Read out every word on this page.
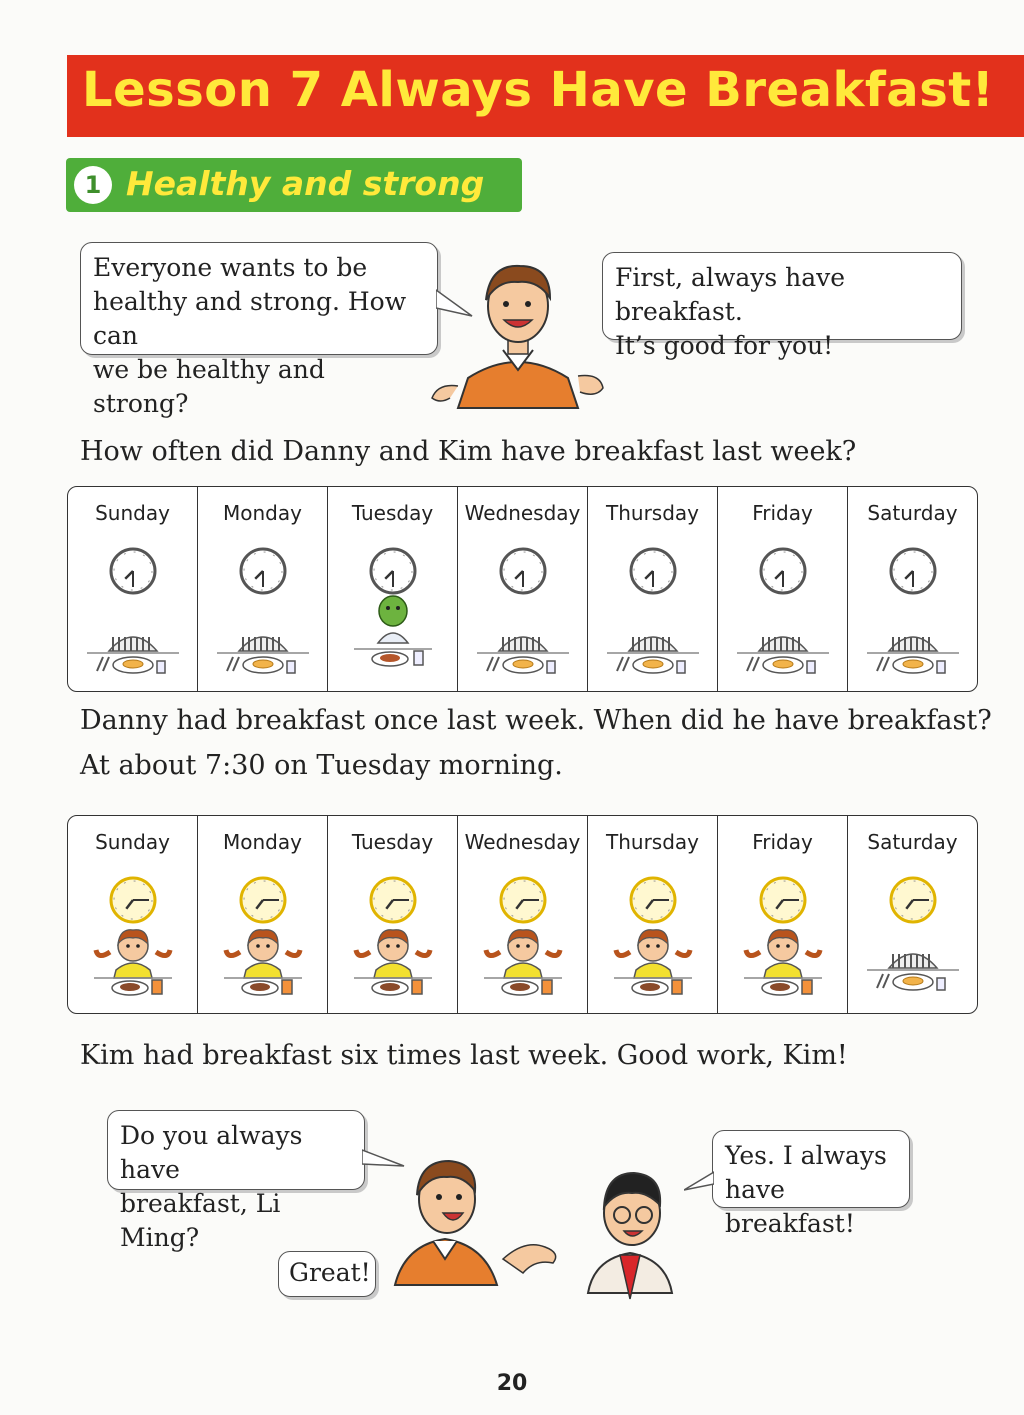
Lesson 7 Always Have Breakfast!
1 Healthy and strong
Everyone wants to be
healthy and strong. How can
we be healthy and strong?
First, always have breakfast.
It’s good for you!
How often did Danny and Kim have breakfast last week?
Sunday	Monday	Tuesday	Wednesday	Thursday	Friday	Saturday
Danny had breakfast once last week. When did he have breakfast?
At about 7:30 on Tuesday morning.
Sunday	Monday	Tuesday	Wednesday	Thursday	Friday	Saturday
Kim had breakfast six times last week. Good work, Kim!
Do you always have
breakfast, Li Ming?
Yes. I always
have breakfast!
Great!
20
